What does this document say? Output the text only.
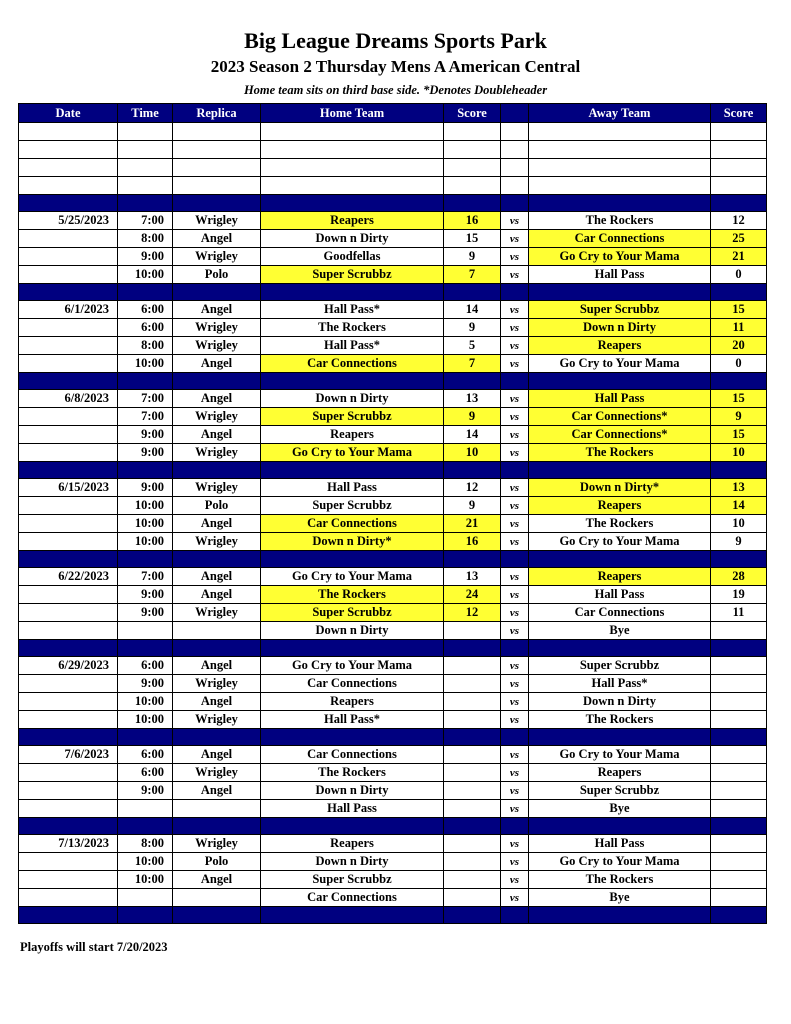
Big League Dreams Sports Park
2023 Season 2 Thursday Mens A American Central
Home team sits on third base side. *Denotes Doubleheader
Date	Time	Replica	Home Team	Score		Away Team	Score

5/25/2023	7:00	Wrigley	Reapers	16	vs	The Rockers	12
	8:00	Angel	Down n Dirty	15	vs	Car Connections	25
	9:00	Wrigley	Goodfellas	9	vs	Go Cry to Your Mama	21
	10:00	Polo	Super Scrubbz	7	vs	Hall Pass	0

6/1/2023	6:00	Angel	Hall Pass*	14	vs	Super Scrubbz	15
	6:00	Wrigley	The Rockers	9	vs	Down n Dirty	11
	8:00	Wrigley	Hall Pass*	5	vs	Reapers	20
	10:00	Angel	Car Connections	7	vs	Go Cry to Your Mama	0

6/8/2023	7:00	Angel	Down n Dirty	13	vs	Hall Pass	15
	7:00	Wrigley	Super Scrubbz	9	vs	Car Connections*	9
	9:00	Angel	Reapers	14	vs	Car Connections*	15
	9:00	Wrigley	Go Cry to Your Mama	10	vs	The Rockers	10

6/15/2023	9:00	Wrigley	Hall Pass	12	vs	Down n Dirty*	13
	10:00	Polo	Super Scrubbz	9	vs	Reapers	14
	10:00	Angel	Car Connections	21	vs	The Rockers	10
	10:00	Wrigley	Down n Dirty*	16	vs	Go Cry to Your Mama	9

6/22/2023	7:00	Angel	Go Cry to Your Mama	13	vs	Reapers	28
	9:00	Angel	The Rockers	24	vs	Hall Pass	19
	9:00	Wrigley	Super Scrubbz	12	vs	Car Connections	11
			Down n Dirty		vs	Bye	

6/29/2023	6:00	Angel	Go Cry to Your Mama		vs	Super Scrubbz	
	9:00	Wrigley	Car Connections		vs	Hall Pass*	
	10:00	Angel	Reapers		vs	Down n Dirty	
	10:00	Wrigley	Hall Pass*		vs	The Rockers	

7/6/2023	6:00	Angel	Car Connections		vs	Go Cry to Your Mama	
	6:00	Wrigley	The Rockers		vs	Reapers	
	9:00	Angel	Down n Dirty		vs	Super Scrubbz	
			Hall Pass		vs	Bye	

7/13/2023	8:00	Wrigley	Reapers		vs	Hall Pass	
	10:00	Polo	Down n Dirty		vs	Go Cry to Your Mama	
	10:00	Angel	Super Scrubbz		vs	The Rockers	
			Car Connections		vs	Bye	

Playoffs will start 7/20/2023
